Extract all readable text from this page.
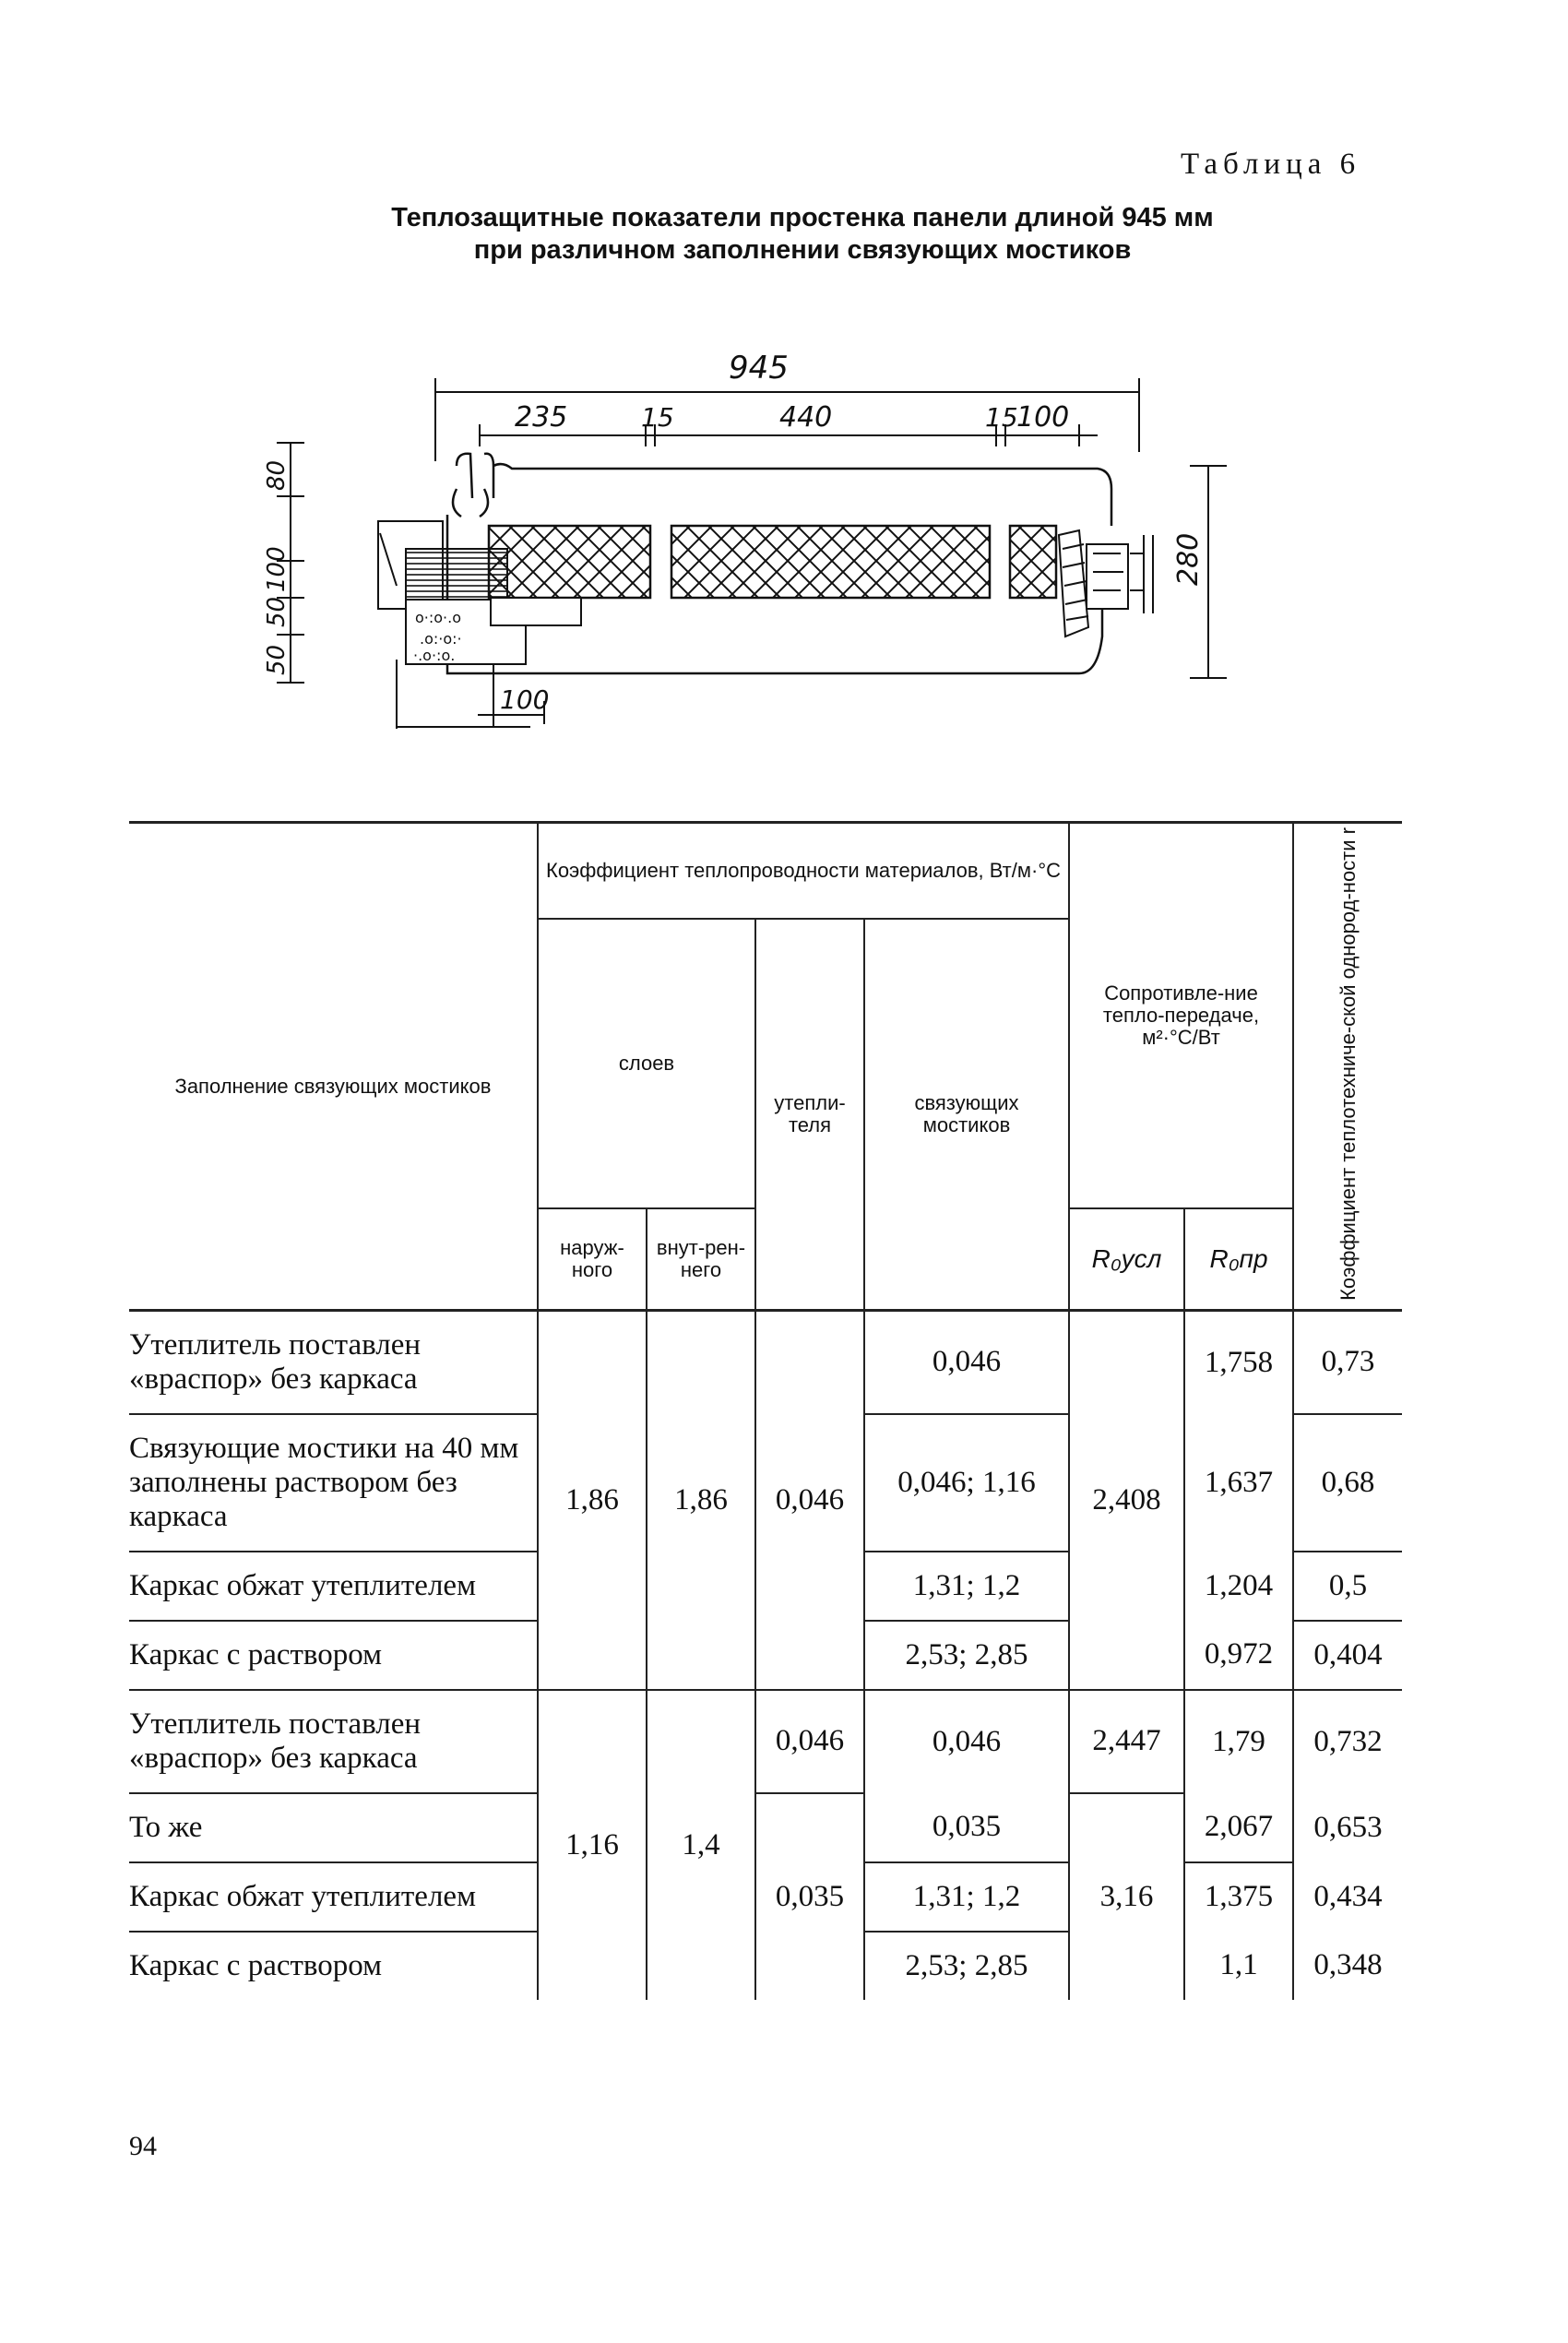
Таблица 6
Теплозащитные показатели простенка панели длиной 945 мм
при различном заполнении связующих мостиков
945
235	15	440	15
100
о·:о·.о
.о:·о:·
·.о·:о.
280
50
50
100
80
100
Заполнение связующих мостиков	Коэффициент теплопроводности материалов, Вт/м·°С				Сопротивле-ние тепло-передаче, м²·°С/Вт		Коэффициент теплотехниче-ской однород-ности r
	слоев		утепли-теля	связующих мостиков			
	наруж-ного	внут-рен-него			R₀усл	R₀пр	
Утеплитель поставлен «враспор» без каркаса	1,86	1,86	0,046	0,046	2,408	1,758	0,73
Связующие мостики на 40 мм заполнены раствором без каркаса				0,046; 1,16		1,637	0,68
Каркас обжат утеплителем				1,31; 1,2		1,204	0,5
Каркас с раствором				2,53; 2,85		0,972	0,404
Утеплитель поставлен «враспор» без каркаса	1,16	1,4	0,046	0,046	2,447	1,79	0,732
То же			0,035	0,035	3,16	2,067	0,653
Каркас обжат утеплителем				1,31; 1,2		1,375	0,434
Каркас с раствором				2,53; 2,85		1,1	0,348
94
